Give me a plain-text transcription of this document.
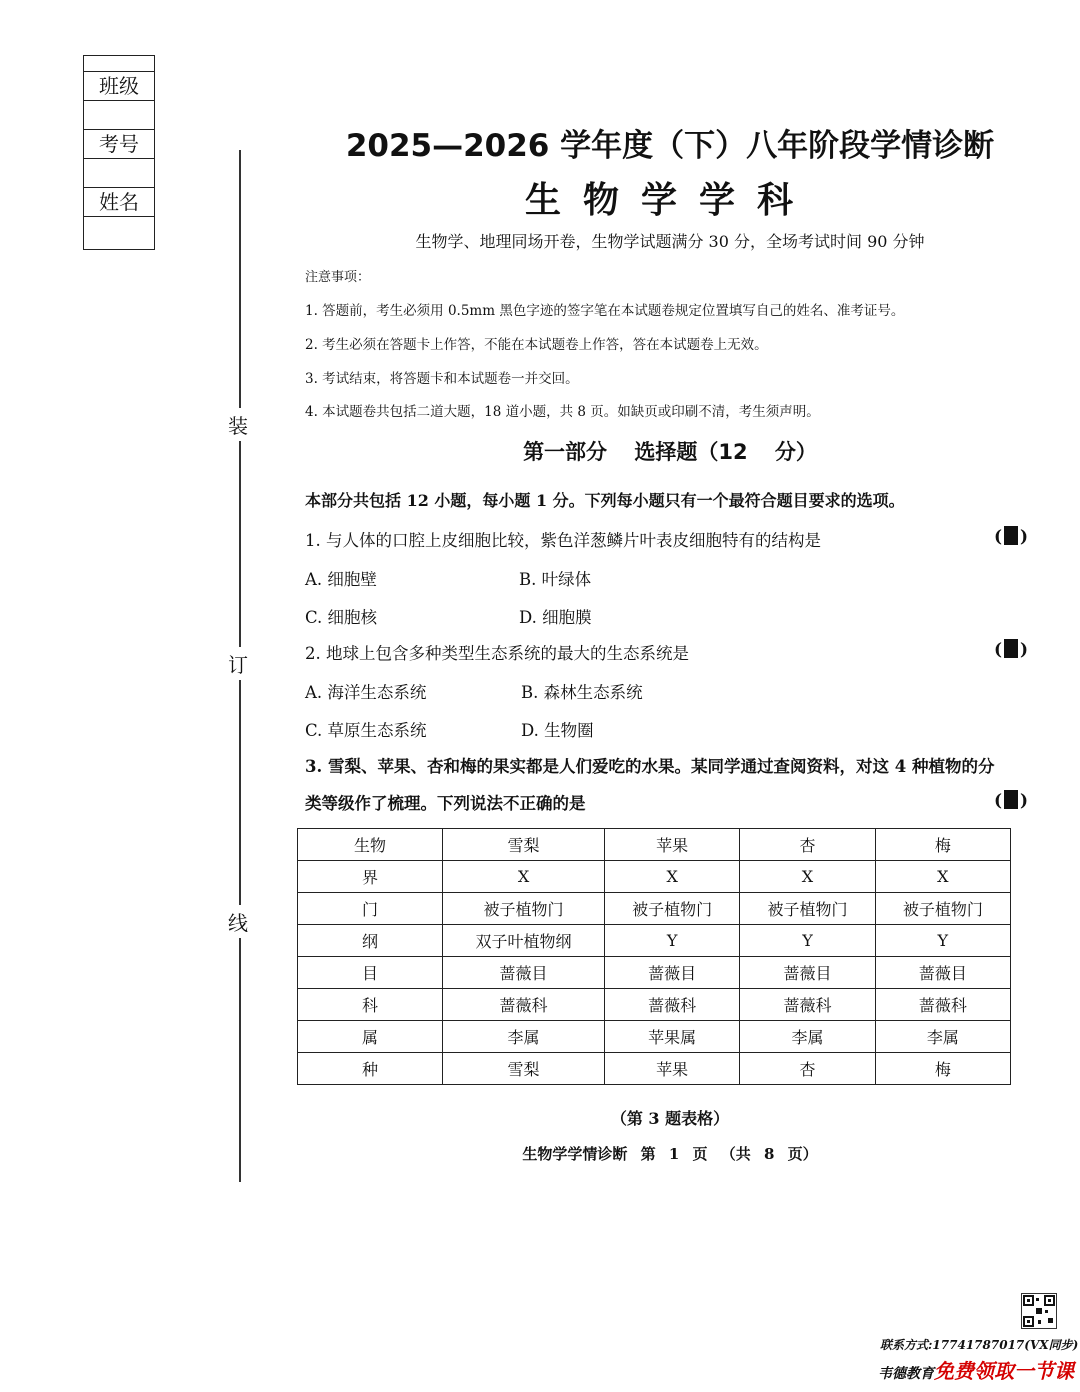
班级
考号
姓名
装
订
线
2025—2026 学年度（下）八年阶段学情诊断
生物学学科
生物学、地理同场开卷，生物学试题满分 30 分，全场考试时间 90 分钟
注意事项：
1. 答题前，考生必须用 0.5mm 黑色字迹的签字笔在本试题卷规定位置填写自己的姓名、准考证号。
2. 考生必须在答题卡上作答，不能在本试题卷上作答，答在本试题卷上无效。
3. 考试结束，将答题卡和本试题卷一并交回。
4. 本试题卷共包括二道大题，18 道小题，共 8 页。如缺页或印刷不清，考生须声明。
第一部分 选择题（12 分）
本部分共包括 12 小题，每小题 1 分。下列每小题只有一个最符合题目要求的选项。
1. 与人体的口腔上皮细胞比较，紫色洋葱鳞片叶表皮细胞特有的结构是	( )
A. 细胞壁	B. 叶绿体
C. 细胞核	D. 细胞膜
2. 地球上包含多种类型生态系统的最大的生态系统是	( )
A. 海洋生态系统	B. 森林生态系统
C. 草原生态系统	D. 生物圈
3. 雪梨、苹果、杏和梅的果实都是人们爱吃的水果。某同学通过查阅资料，对这 4 种植物的分
类等级作了梳理。下列说法不正确的是	( )
生物	雪梨	苹果	杏	梅
界	X	X	X	X
门	被子植物门	被子植物门	被子植物门	被子植物门
纲	双子叶植物纲	Y	Y	Y
目	蔷薇目	蔷薇目	蔷薇目	蔷薇目
科	蔷薇科	蔷薇科	蔷薇科	蔷薇科
属	李属	苹果属	李属	李属
种	雪梨	苹果	杏	梅
（第 3 题表格）
生物学学情诊断 第 1 页 （共 8 页）
联系方式:17741787017(VX同步)
韦德教育免费领取一节课
